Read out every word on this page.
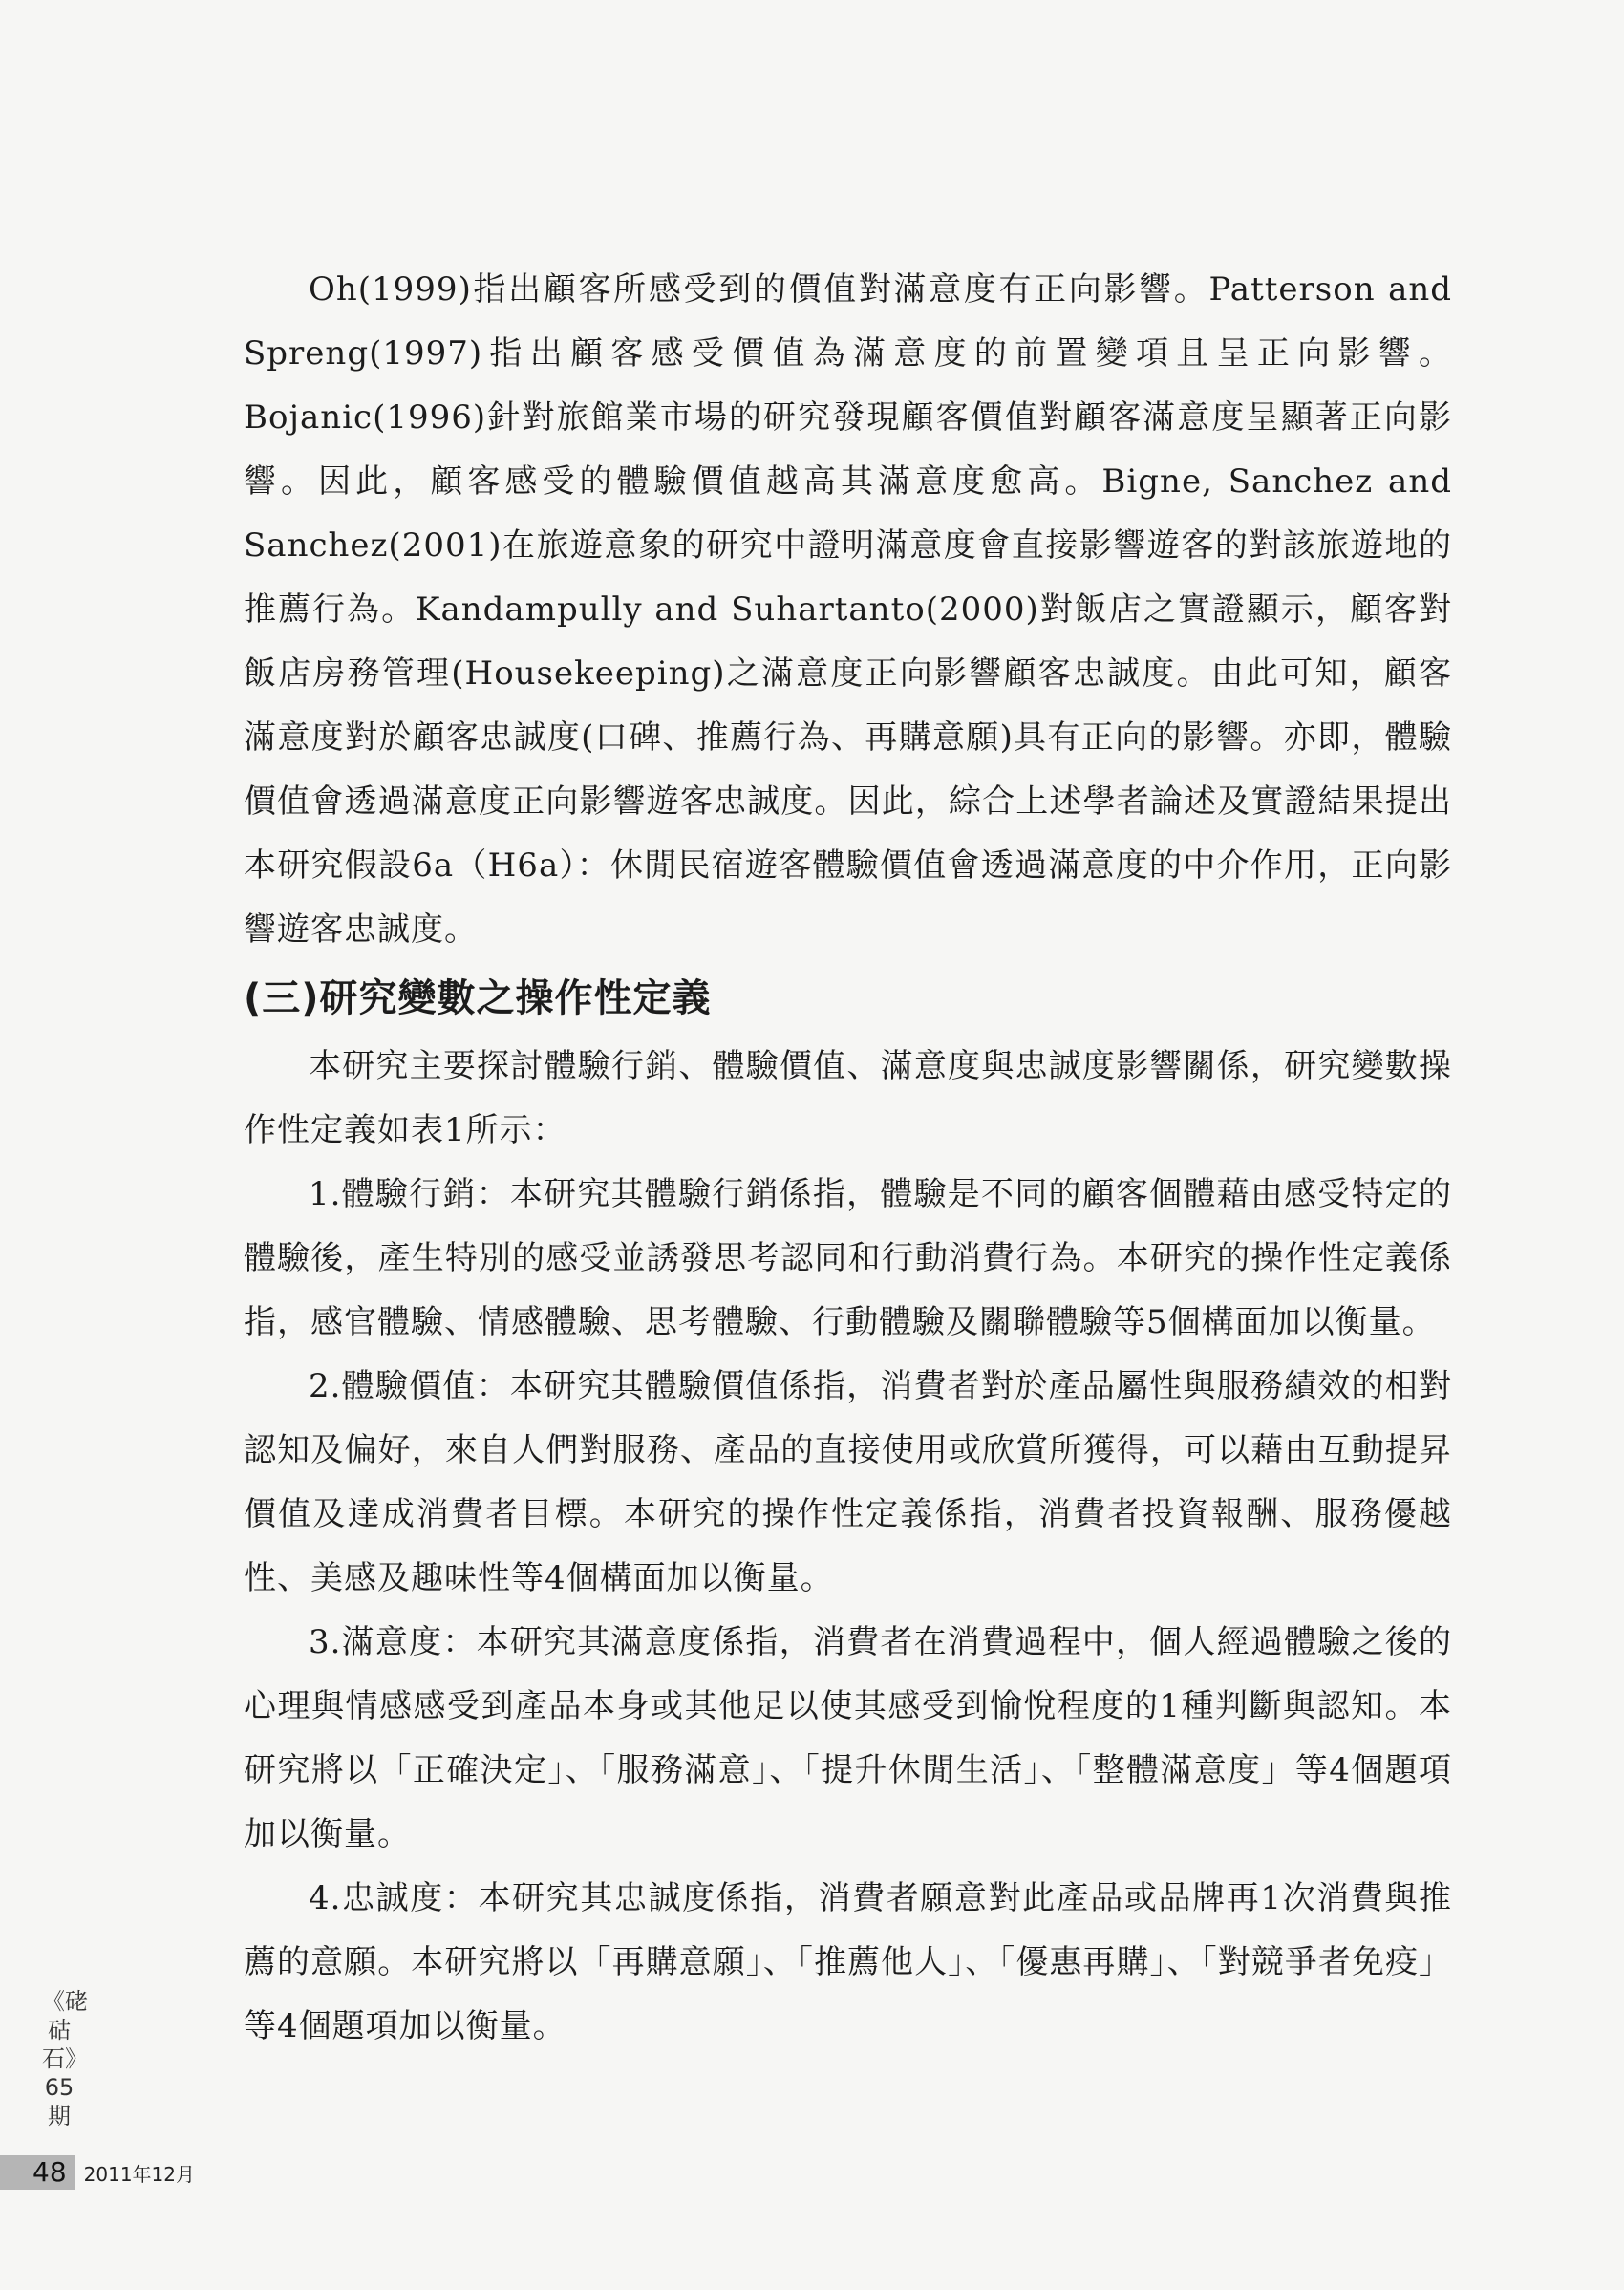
Oh(1999)指出顧客所感受到的價值對滿意度有正向影響。Patterson and Spreng(1997)指出顧客感受價值為滿意度的前置變項且呈正向影響。Bojanic(1996)針對旅館業市場的研究發現顧客價值對顧客滿意度呈顯著正向影響。因此，顧客感受的體驗價值越高其滿意度愈高。Bigne, Sanchez and Sanchez(2001)在旅遊意象的研究中證明滿意度會直接影響遊客的對該旅遊地的推薦行為。Kandampully and Suhartanto(2000)對飯店之實證顯示，顧客對飯店房務管理(Housekeeping)之滿意度正向影響顧客忠誠度。由此可知，顧客滿意度對於顧客忠誠度(口碑、推薦行為、再購意願)具有正向的影響。亦即，體驗價值會透過滿意度正向影響遊客忠誠度。因此，綜合上述學者論述及實證結果提出本研究假設6a（H6a）：休閒民宿遊客體驗價值會透過滿意度的中介作用，正向影響遊客忠誠度。

(三)研究變數之操作性定義

本研究主要探討體驗行銷、體驗價值、滿意度與忠誠度影響關係，研究變數操作性定義如表1所示：

1.體驗行銷：本研究其體驗行銷係指，體驗是不同的顧客個體藉由感受特定的體驗後，產生特別的感受並誘發思考認同和行動消費行為。本研究的操作性定義係指，感官體驗、情感體驗、思考體驗、行動體驗及關聯體驗等5個構面加以衡量。

2.體驗價值：本研究其體驗價值係指，消費者對於產品屬性與服務績效的相對認知及偏好，來自人們對服務、產品的直接使用或欣賞所獲得，可以藉由互動提昇價值及達成消費者目標。本研究的操作性定義係指，消費者投資報酬、服務優越性、美感及趣味性等4個構面加以衡量。

3.滿意度：本研究其滿意度係指，消費者在消費過程中，個人經過體驗之後的心理與情感感受到產品本身或其他足以使其感受到愉悅程度的1種判斷與認知。本研究將以「正確決定」、「服務滿意」、「提升休閒生活」、「整體滿意度」等4個題項加以衡量。

4.忠誠度：本研究其忠誠度係指，消費者願意對此產品或品牌再1次消費與推薦的意願。本研究將以「再購意願」、「推薦他人」、「優惠再購」、「對競爭者免疫」等4個題項加以衡量。

《硓𥑮石》65期
48 2011年12月
